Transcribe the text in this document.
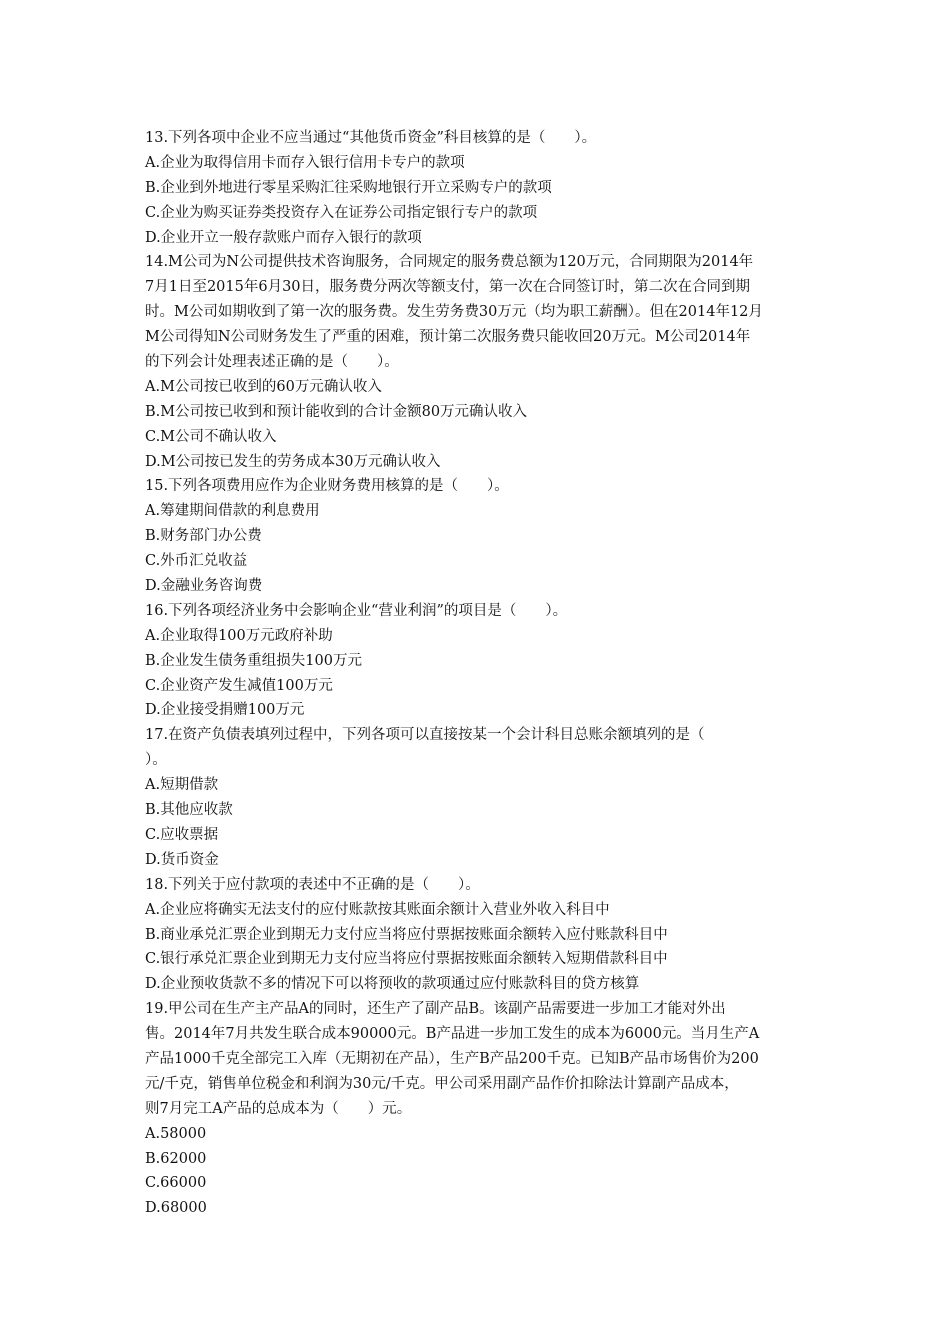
13.下列各项中企业不应当通过“其他货币资金”科目核算的是（　　）。
A.企业为取得信用卡而存入银行信用卡专户的款项
B.企业到外地进行零星采购汇往采购地银行开立采购专户的款项
C.企业为购买证券类投资存入在证券公司指定银行专户的款项
D.企业开立一般存款账户而存入银行的款项
14.M公司为N公司提供技术咨询服务，合同规定的服务费总额为120万元，合同期限为2014年
7月1日至2015年6月30日，服务费分两次等额支付，第一次在合同签订时，第二次在合同到期
时。M公司如期收到了第一次的服务费。发生劳务费30万元（均为职工薪酬）。但在2014年12月
M公司得知N公司财务发生了严重的困难，预计第二次服务费只能收回20万元。M公司2014年
的下列会计处理表述正确的是（　　）。
A.M公司按已收到的60万元确认收入
B.M公司按已收到和预计能收到的合计金额80万元确认收入
C.M公司不确认收入
D.M公司按已发生的劳务成本30万元确认收入
15.下列各项费用应作为企业财务费用核算的是（　　）。
A.筹建期间借款的利息费用
B.财务部门办公费
C.外币汇兑收益
D.金融业务咨询费
16.下列各项经济业务中会影响企业“营业利润”的项目是（　　）。
A.企业取得100万元政府补助
B.企业发生债务重组损失100万元
C.企业资产发生减值100万元
D.企业接受捐赠100万元
17.在资产负债表填列过程中，下列各项可以直接按某一个会计科目总账余额填列的是（
）。
A.短期借款
B.其他应收款
C.应收票据
D.货币资金
18.下列关于应付款项的表述中不正确的是（　　）。
A.企业应将确实无法支付的应付账款按其账面余额计入营业外收入科目中
B.商业承兑汇票企业到期无力支付应当将应付票据按账面余额转入应付账款科目中
C.银行承兑汇票企业到期无力支付应当将应付票据按账面余额转入短期借款科目中
D.企业预收货款不多的情况下可以将预收的款项通过应付账款科目的贷方核算
19.甲公司在生产主产品A的同时，还生产了副产品B。该副产品需要进一步加工才能对外出
售。2014年7月共发生联合成本90000元。B产品进一步加工发生的成本为6000元。当月生产A
产品1000千克全部完工入库（无期初在产品），生产B产品200千克。已知B产品市场售价为200
元/千克，销售单位税金和利润为30元/千克。甲公司采用副产品作价扣除法计算副产品成本，
则7月完工A产品的总成本为（　　）元。
A.58000
B.62000
C.66000
D.68000
